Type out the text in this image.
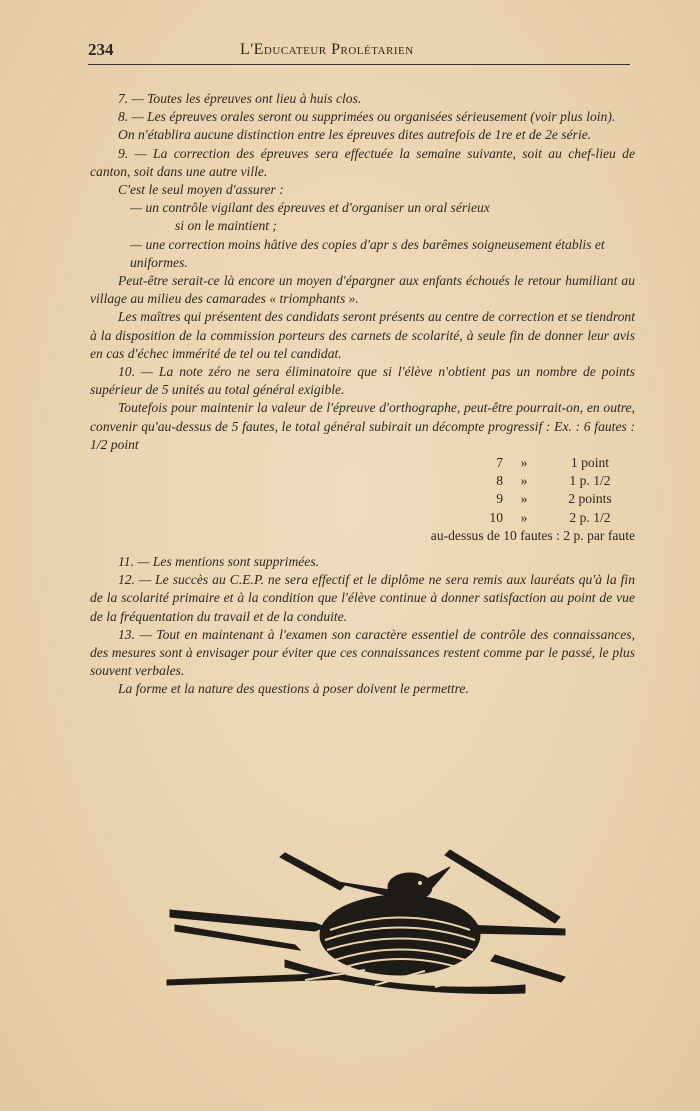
234	L'Educateur Prolétarien

7. — Toutes les épreuves ont lieu à huis clos.

8. — Les épreuves orales seront ou supprimées ou organisées sérieusement (voir plus loin).

On n'établira aucune distinction entre les épreuves dites autrefois de 1re et de 2e série.

9. — La correction des épreuves sera effectuée la semaine suivante, soit au chef-lieu de canton, soit dans une autre ville.

C'est le seul moyen d'assurer :

— un contrôle vigilant des épreuves et d'organiser un oral sérieux

si on le maintient ;

— une correction moins hâtive des copies d'apr s des barêmes soigneusement établis et uniformes.

Peut-être serait-ce là encore un moyen d'épargner aux enfants échoués le retour humiliant au village au milieu des camarades « triomphants ».

Les maîtres qui présentent des candidats seront présents au centre de correction et se tiendront à la disposition de la commission porteurs des carnets de scolarité, à seule fin de donner leur avis en cas d'échec immérité de tel ou tel candidat.

10. — La note zéro ne sera éliminatoire que si l'élève n'obtient pas un nombre de points supérieur de 5 unités au total général exigible.

Toutefois pour maintenir la valeur de l'épreuve d'orthographe, peut-être pourrait-on, en outre, convenir qu'au-dessus de 5 fautes, le total général subirait un décompte progressif : Ex. : 6 fautes : 1/2 point

7	»	1 point
8	»	1 p. 1/2
9	»	2 points
10	»	2 p. 1/2
au-dessus de 10 fautes : 2 p. par faute

11. — Les mentions sont supprimées.

12. — Le succès au C.E.P. ne sera effectif et le diplôme ne sera remis aux lauréats qu'à la fin de la scolarité primaire et à la condition que l'élève continue à donner satisfaction au point de vue de la fréquentation du travail et de la conduite.

13. — Tout en maintenant à l'examen son caractère essentiel de contrôle des connaissances, des mesures sont à envisager pour éviter que ces connaissances restent comme par le passé, le plus souvent verbales.

La forme et la nature des questions à poser doivent le permettre.
